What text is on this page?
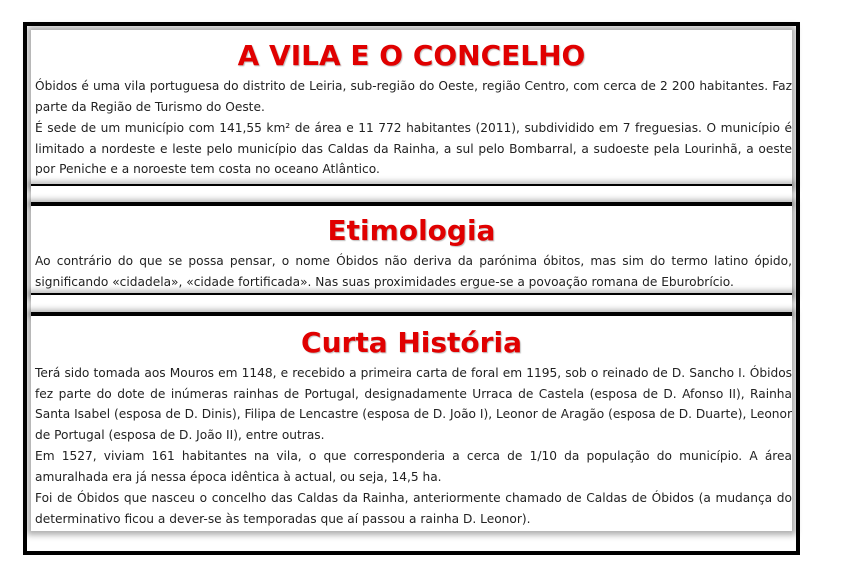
A VILA E O CONCELHO

Óbidos é uma vila portuguesa do distrito de Leiria, sub-região do Oeste, região Centro, com cerca de 2 200 habitantes. Faz parte da Região de Turismo do Oeste.

É sede de um município com 141,55 km² de área e 11 772 habitantes (2011), subdividido em 7 freguesias. O município é limitado a nordeste e leste pelo município das Caldas da Rainha, a sul pelo Bombarral, a sudoeste pela Lourinhã, a oeste por Peniche e a noroeste tem costa no oceano Atlântico.

Etimologia

Ao contrário do que se possa pensar, o nome Óbidos não deriva da parónima óbitos, mas sim do termo latino ópido, significando «cidadela», «cidade fortificada». Nas suas proximidades ergue-se a povoação romana de Eburobrício.

Curta História

Terá sido tomada aos Mouros em 1148, e recebido a primeira carta de foral em 1195, sob o reinado de D. Sancho I. Óbidos fez parte do dote de inúmeras rainhas de Portugal, designadamente Urraca de Castela (esposa de D. Afonso II), Rainha Santa Isabel (esposa de D. Dinis), Filipa de Lencastre (esposa de D. João I), Leonor de Aragão (esposa de D. Duarte), Leonor de Portugal (esposa de D. João II), entre outras.

Em 1527, viviam 161 habitantes na vila, o que corresponderia a cerca de 1/10 da população do município. A área amuralhada era já nessa época idêntica à actual, ou seja, 14,5 ha.

Foi de Óbidos que nasceu o concelho das Caldas da Rainha, anteriormente chamado de Caldas de Óbidos (a mudança do determinativo ficou a dever-se às temporadas que aí passou a rainha D. Leonor).
